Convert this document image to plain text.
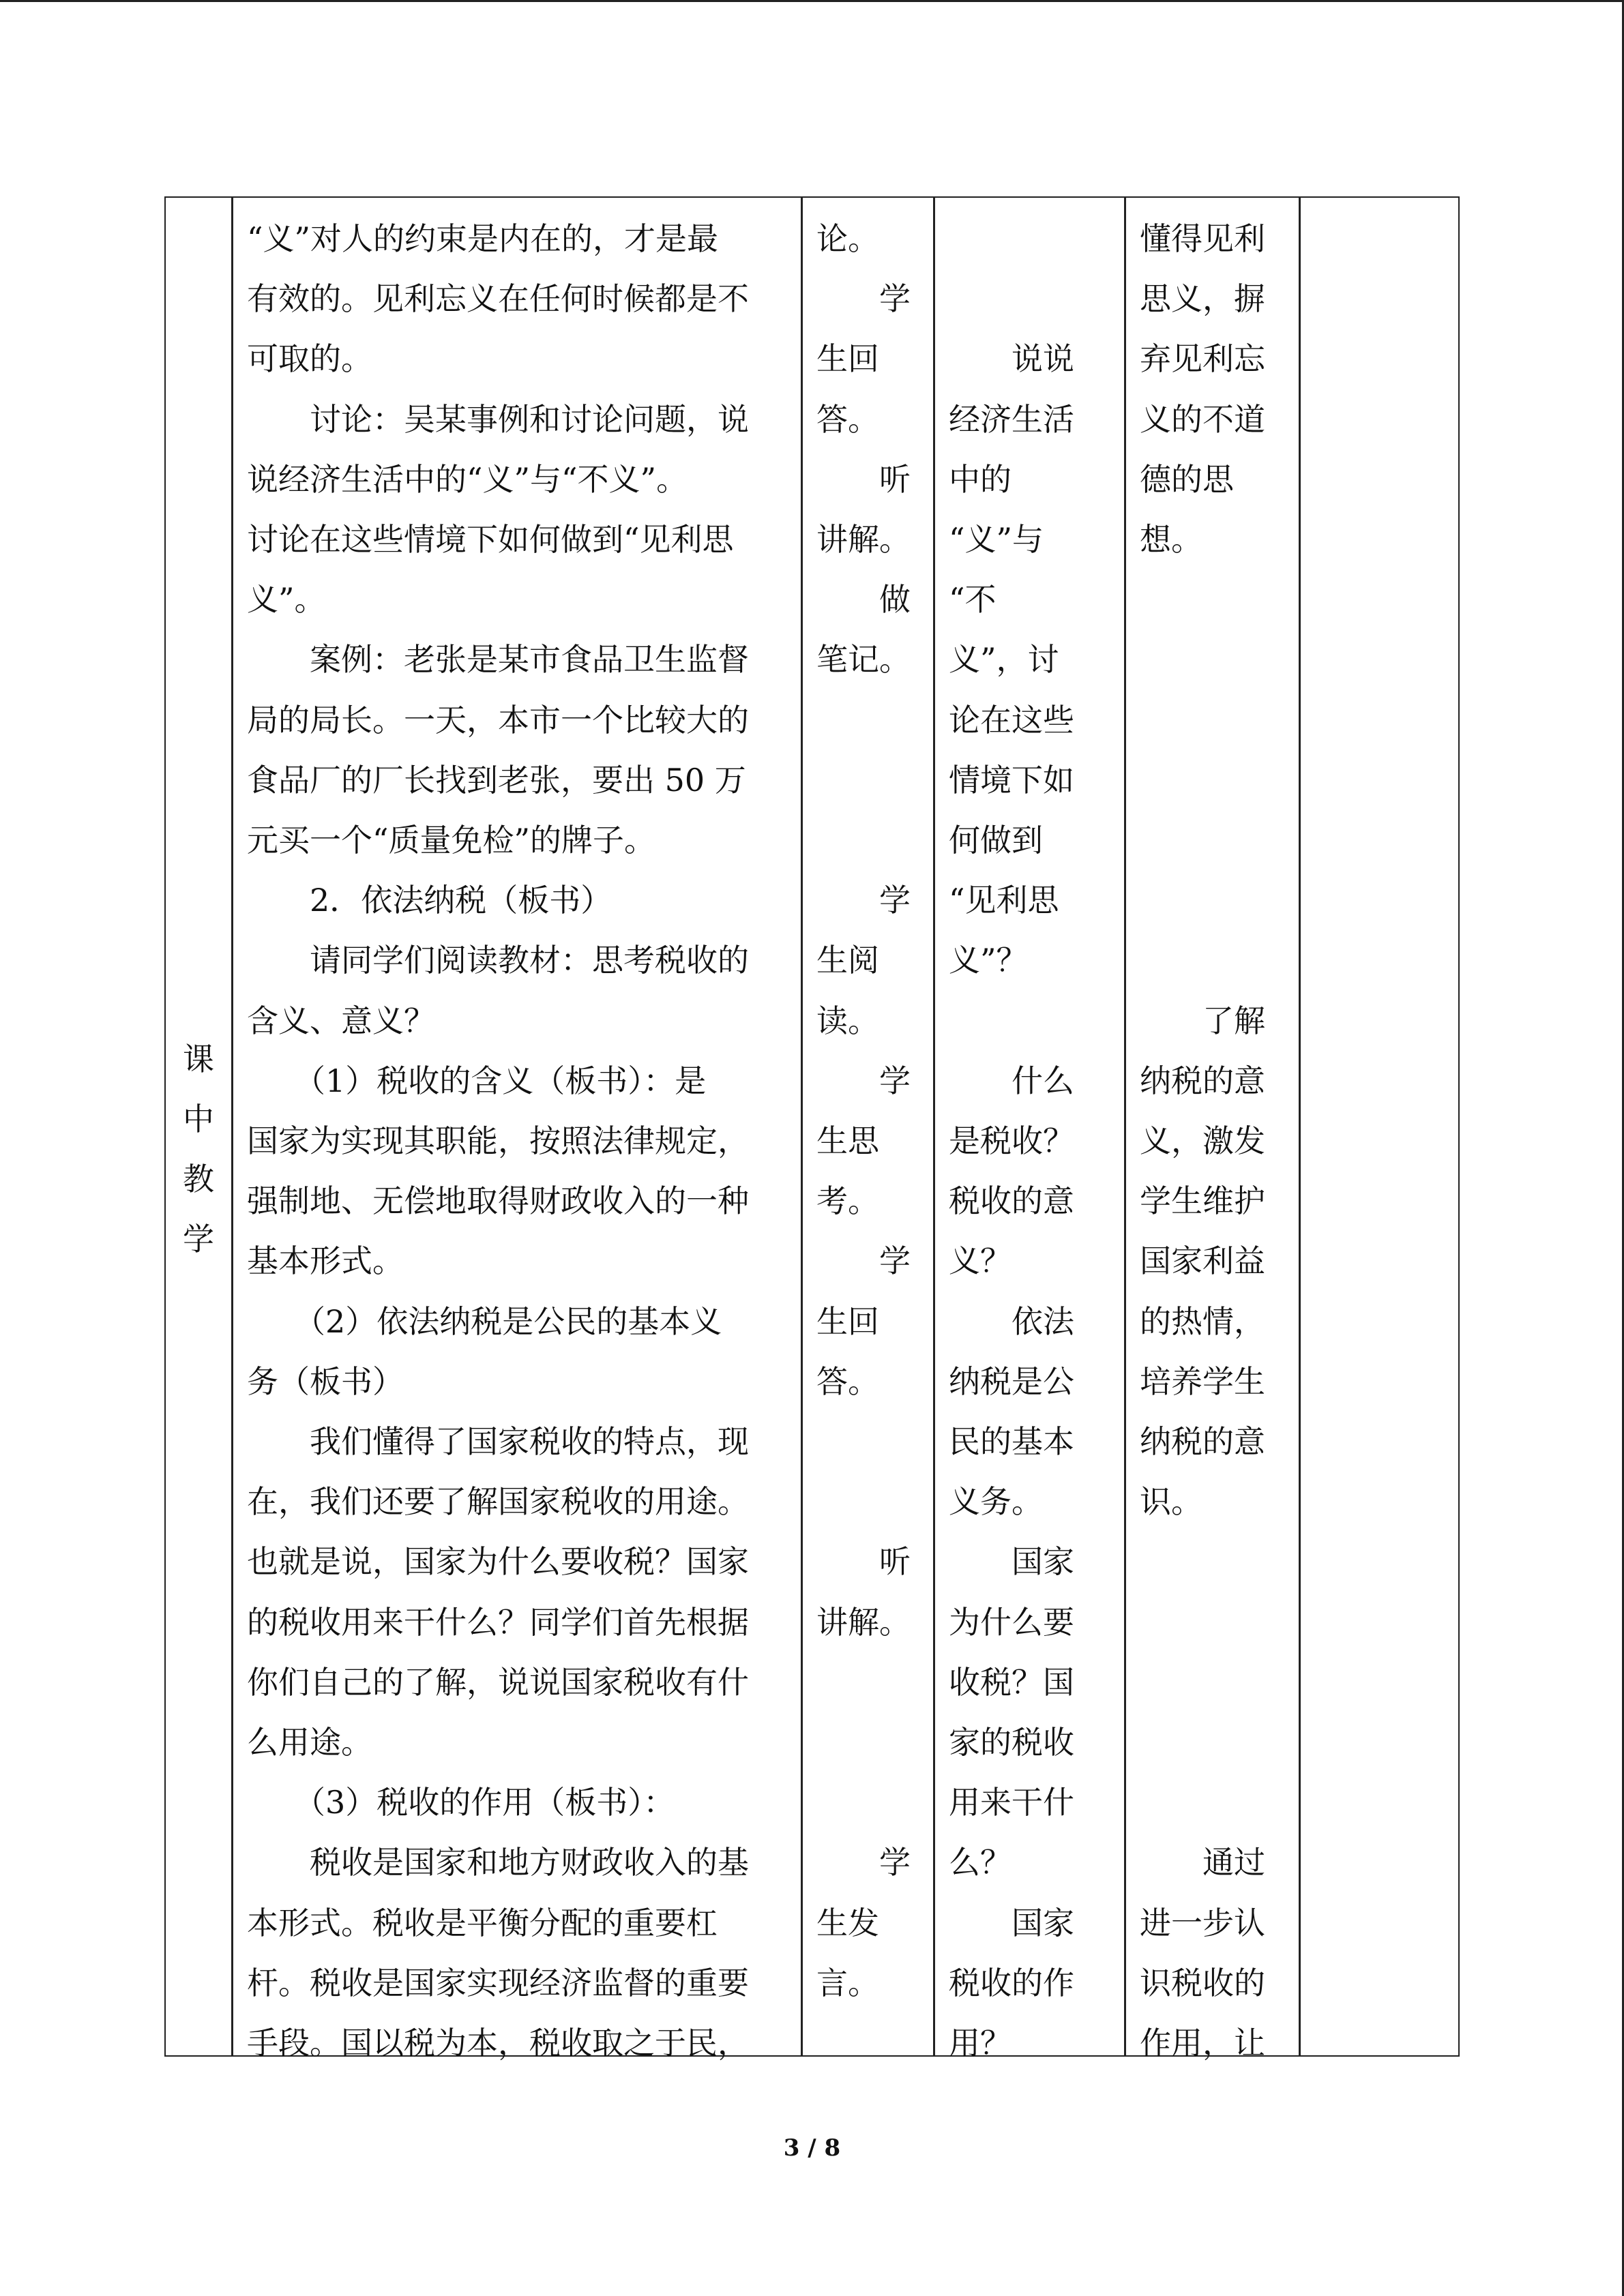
课
中
教
学
“义”对人的约束是内在的，才是最
有效的。见利忘义在任何时候都是不
可取的。
　　讨论：吴某事例和讨论问题，说
说经济生活中的“义”与“不义”。
讨论在这些情境下如何做到“见利思
义”。
　　案例：老张是某市食品卫生监督
局的局长。一天，本市一个比较大的
食品厂的厂长找到老张，要出 50 万
元买一个“质量免检”的牌子。
　　2．依法纳税（板书）
　　请同学们阅读教材：思考税收的
含义、意义？
　　（1）税收的含义（板书）：是
国家为实现其职能，按照法律规定，
强制地、无偿地取得财政收入的一种
基本形式。
　　（2）依法纳税是公民的基本义
务（板书）
　　我们懂得了国家税收的特点，现
在，我们还要了解国家税收的用途。
也就是说，国家为什么要收税？国家
的税收用来干什么？同学们首先根据
你们自己的了解，说说国家税收有什
么用途。
　　（3）税收的作用（板书）：
　　税收是国家和地方财政收入的基
本形式。税收是平衡分配的重要杠
杆。税收是国家实现经济监督的重要
手段。国以税为本，税收取之于民，
论。
　　学
生回
答。
　　听
讲解。
　　做
笔记。
　　学
生阅
读。
　　学
生思
考。
　　学
生回
答。
　　听
讲解。
　　学
生发
言。
　　说说
经济生活
中的
“义”与
“不
义”，讨
论在这些
情境下如
何做到
“见利思
义”？
　　什么
是税收？
税收的意
义？
　　依法
纳税是公
民的基本
义务。
　　国家
为什么要
收税？国
家的税收
用来干什
么？
　　国家
税收的作
用？
懂得见利
思义，摒
弃见利忘
义的不道
德的思
想。
　　了解
纳税的意
义，激发
学生维护
国家利益
的热情，
培养学生
纳税的意
识。
　　通过
进一步认
识税收的
作用，让
3 / 8
